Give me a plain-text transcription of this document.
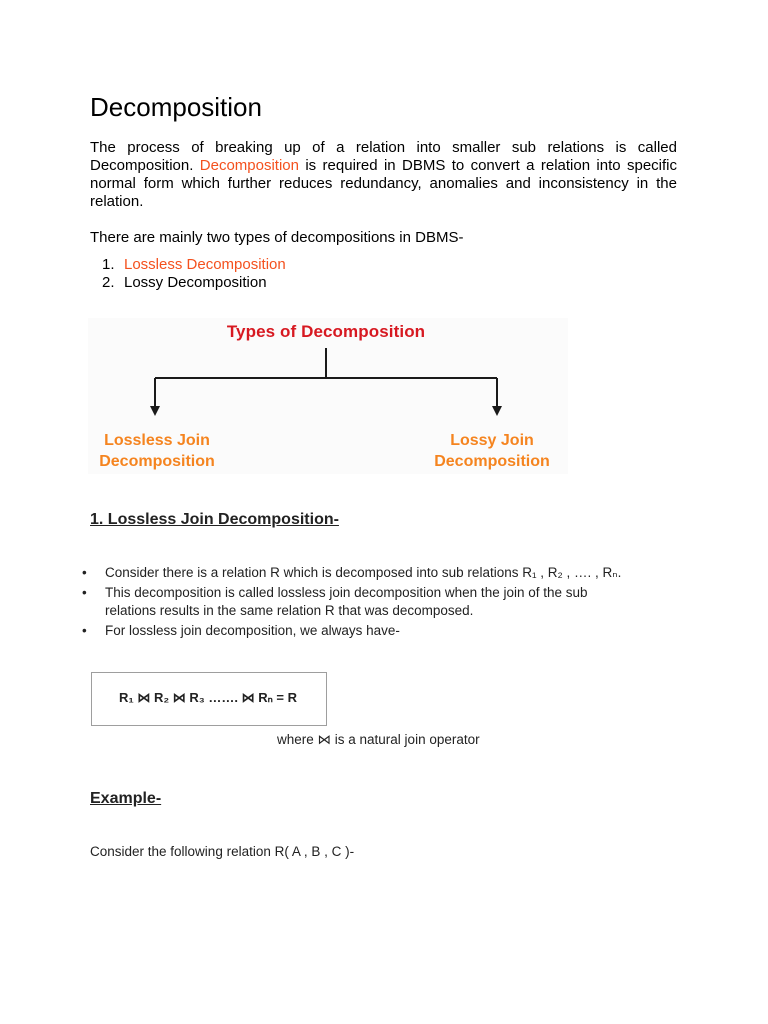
Decomposition

The process of breaking up of a relation into smaller sub relations is called Decomposition. Decomposition is required in DBMS to convert a relation into specific normal form which further reduces redundancy, anomalies and inconsistency in the relation.

There are mainly two types of decompositions in DBMS-

1. Lossless Decomposition
2. Lossy Decomposition
Types of Decomposition
Lossless Join
Decomposition
Lossy Join
Decomposition
1. Lossless Join Decomposition-
• Consider there is a relation R which is decomposed into sub relations R₁ , R₂ , …. , Rₙ.
• This decomposition is called lossless join decomposition when the join of the sub relations results in the same relation R that was decomposed.
• For lossless join decomposition, we always have-
R₁ ⋈ R₂ ⋈ R₃ ……. ⋈ Rₙ = R
where ⋈ is a natural join operator
Example-

Consider the following relation R( A , B , C )-
